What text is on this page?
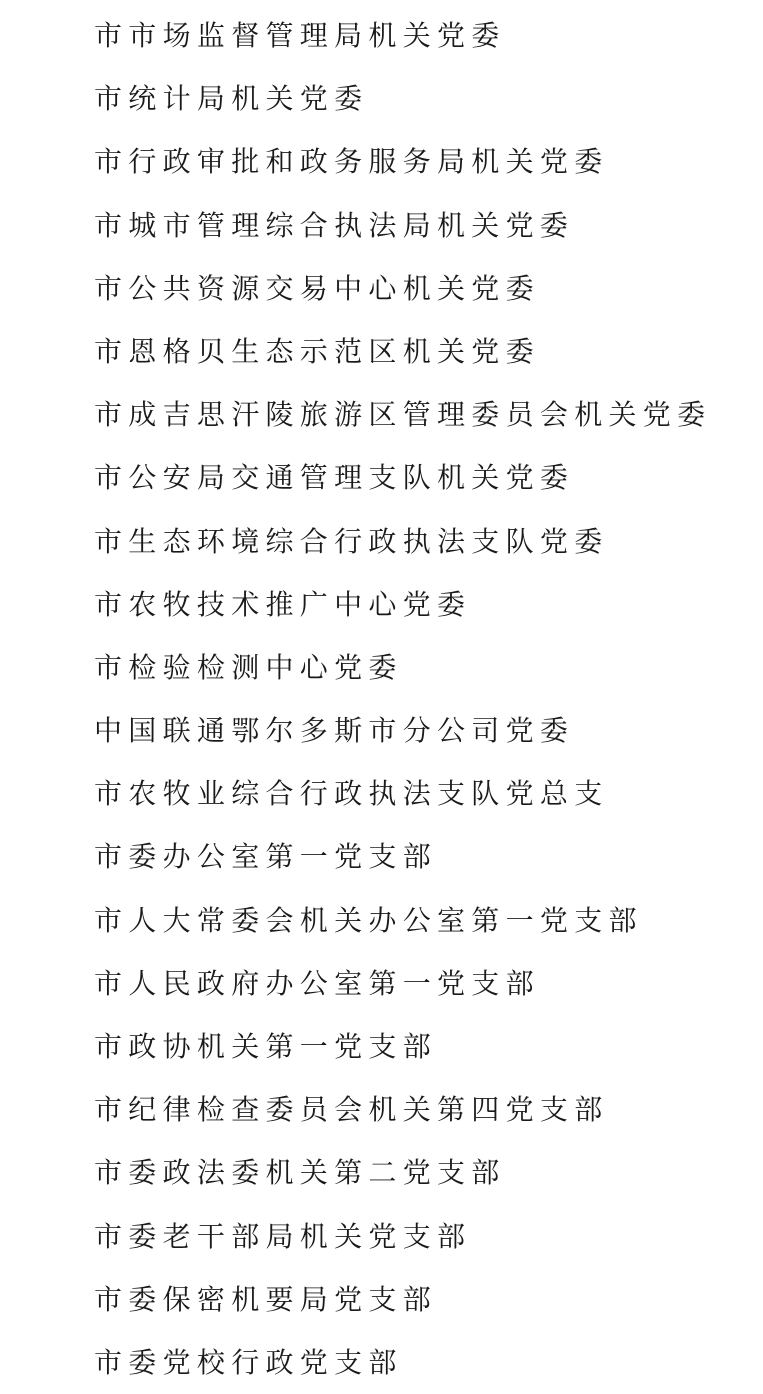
市市场监督管理局机关党委
市统计局机关党委
市行政审批和政务服务局机关党委
市城市管理综合执法局机关党委
市公共资源交易中心机关党委
市恩格贝生态示范区机关党委
市成吉思汗陵旅游区管理委员会机关党委
市公安局交通管理支队机关党委
市生态环境综合行政执法支队党委
市农牧技术推广中心党委
市检验检测中心党委
中国联通鄂尔多斯市分公司党委
市农牧业综合行政执法支队党总支
市委办公室第一党支部
市人大常委会机关办公室第一党支部
市人民政府办公室第一党支部
市政协机关第一党支部
市纪律检查委员会机关第四党支部
市委政法委机关第二党支部
市委老干部局机关党支部
市委保密机要局党支部
市委党校行政党支部
